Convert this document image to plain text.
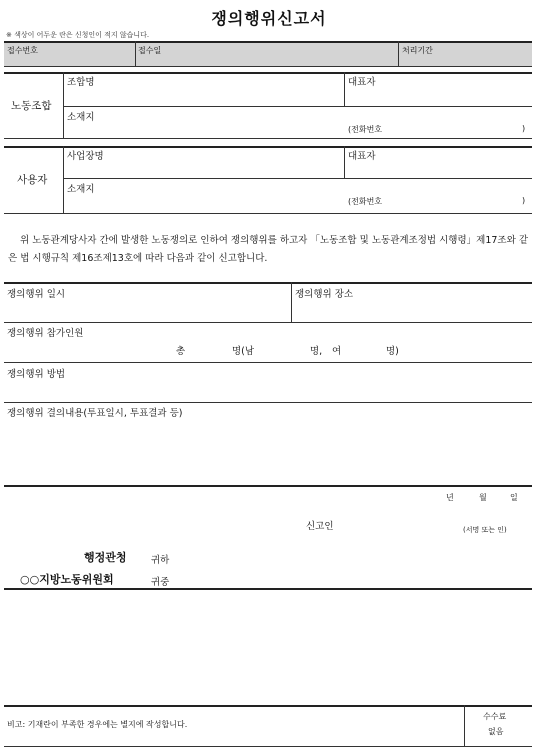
쟁의행위신고서
※ 색상이 어두운 란은 신청인이 적지 않습니다.
접수번호	접수일	처리기간
노동조합
조합명	대표자
소재지
(전화번호	)
사용자
사업장명	대표자
소재지
(전화번호	)
위 노동관계당사자 간에 발생한 노동쟁의로 인하여 쟁의행위를 하고자 「노동조합 및 노동관계조정법 시행령」제17조와 같은 법 시행규칙 제16조제13호에 따라 다음과 같이 신고합니다.
쟁의행위 일시	쟁의행위 장소
쟁의행위 참가인원
총	명(남	명, 여	명)
쟁의행위 방법
쟁의행위 결의내용(투표일시, 투표결과 등)
년	월	일
신고인	(서명 또는 인)
행정관청	귀하
○○지방노동위원회	귀중
비고: 기재란이 부족한 경우에는 별지에 작성합니다.
수수료
없음
